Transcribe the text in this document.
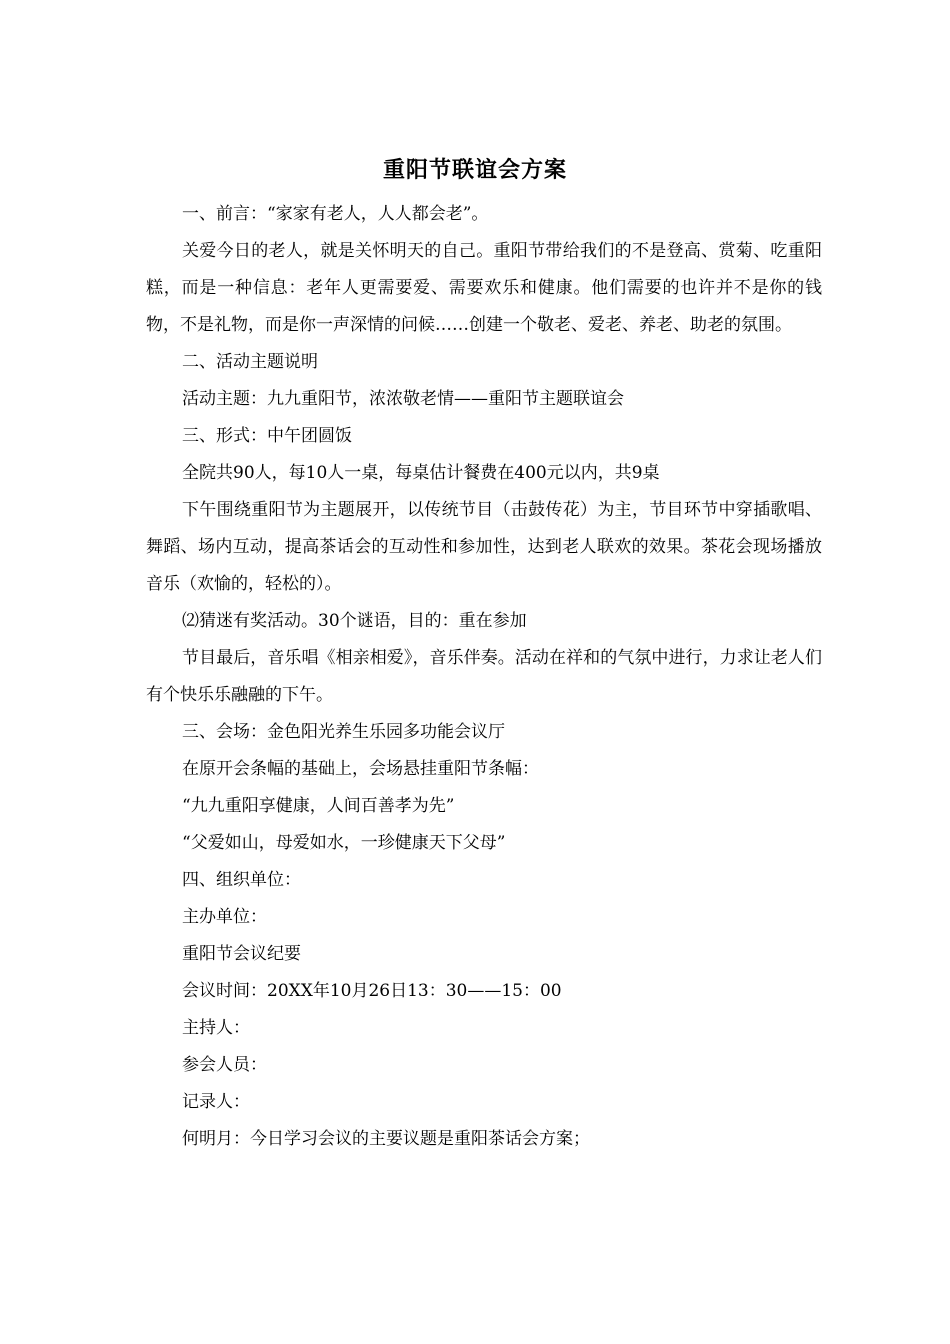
重阳节联谊会方案

一、前言：“家家有老人，人人都会老”。

关爱今日的老人，就是关怀明天的自己。重阳节带给我们的不是登高、赏菊、吃重阳糕，而是一种信息：老年人更需要爱、需要欢乐和健康。他们需要的也许并不是你的钱物，不是礼物，而是你一声深情的问候……创建一个敬老、爱老、养老、助老的氛围。

二、活动主题说明

活动主题：九九重阳节，浓浓敬老情——重阳节主题联谊会

三、形式：中午团圆饭

全院共90人，每10人一桌，每桌估计餐费在400元以内，共9桌

下午围绕重阳节为主题展开，以传统节目（击鼓传花）为主，节目环节中穿插歌唱、舞蹈、场内互动，提高茶话会的互动性和参加性，达到老人联欢的效果。茶花会现场播放音乐（欢愉的，轻松的）。

⑵猜迷有奖活动。30个谜语，目的：重在参加

节目最后，音乐唱《相亲相爱》，音乐伴奏。活动在祥和的气氛中进行，力求让老人们有个快乐乐融融的下午。

三、会场：金色阳光养生乐园多功能会议厅

在原开会条幅的基础上，会场悬挂重阳节条幅：

“九九重阳享健康，人间百善孝为先”

“父爱如山，母爱如水，一珍健康天下父母”

四、组织单位：

主办单位：

重阳节会议纪要

会议时间：20XX年10月26日13：30——15：00

主持人：

参会人员：

记录人：

何明月：今日学习会议的主要议题是重阳茶话会方案；
